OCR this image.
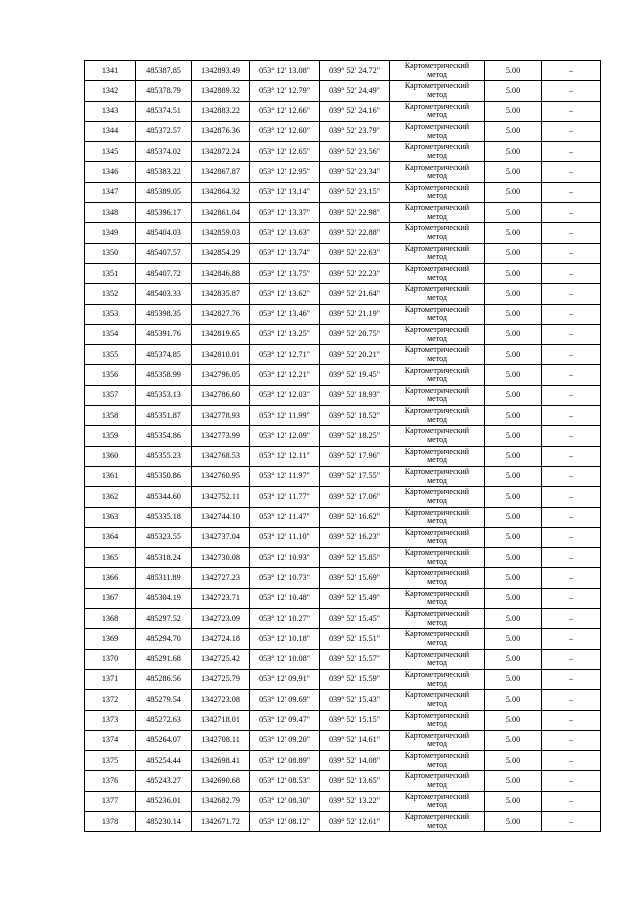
1341	485387.85	1342893.49	053° 12' 13.08"	039° 52' 24.72"	Картометрический
метод	5.00	–
1342	485378.79	1342889.32	053° 12' 12.79"	039° 52' 24.49"	Картометрический
метод	5.00	–
1343	485374.51	1342883.22	053° 12' 12.66"	039° 52' 24.16"	Картометрический
метод	5.00	–
1344	485372.57	1342876.36	053° 12' 12.60"	039° 52' 23.79"	Картометрический
метод	5.00	–
1345	485374.02	1342872.24	053° 12' 12.65"	039° 52' 23.56"	Картометрический
метод	5.00	–
1346	485383.22	1342867.87	053° 12' 12.95"	039° 52' 23.34"	Картометрический
метод	5.00	–
1347	485389.05	1342864.32	053° 12' 13.14"	039° 52' 23.15"	Картометрический
метод	5.00	–
1348	485396.17	1342861.04	053° 12' 13.37"	039° 52' 22.98"	Картометрический
метод	5.00	–
1349	485404.03	1342859.03	053° 12' 13.63"	039° 52' 22.88"	Картометрический
метод	5.00	–
1350	485407.57	1342854.29	053° 12' 13.74"	039° 52' 22.63"	Картометрический
метод	5.00	–
1351	485407.72	1342846.88	053° 12' 13.75"	039° 52' 22.23"	Картометрический
метод	5.00	–
1352	485403.33	1342835.87	053° 12' 13.62"	039° 52' 21.64"	Картометрический
метод	5.00	–
1353	485398.35	1342827.76	053° 12' 13.46"	039° 52' 21.19"	Картометрический
метод	5.00	–
1354	485391.76	1342819.65	053° 12' 13.25"	039° 52' 20.75"	Картометрический
метод	5.00	–
1355	485374.85	1342810.01	053° 12' 12.71"	039° 52' 20.21"	Картометрический
метод	5.00	–
1356	485358.99	1342796.05	053° 12' 12.21"	039° 52' 19.45"	Картометрический
метод	5.00	–
1357	485353.13	1342786.60	053° 12' 12.03"	039° 52' 18.93"	Картометрический
метод	5.00	–
1358	485351.87	1342778.93	053° 12' 11.99"	039° 52' 18.52"	Картометрический
метод	5.00	–
1359	485354.86	1342773.99	053° 12' 12.09"	039° 52' 18.25"	Картометрический
метод	5.00	–
1360	485355.23	1342768.53	053° 12' 12.11"	039° 52' 17.96"	Картометрический
метод	5.00	–
1361	485350.86	1342760.95	053° 12' 11.97"	039° 52' 17.55"	Картометрический
метод	5.00	–
1362	485344.60	1342752.11	053° 12' 11.77"	039° 52' 17.06"	Картометрический
метод	5.00	–
1363	485335.18	1342744.10	053° 12' 11.47"	039° 52' 16.62"	Картометрический
метод	5.00	–
1364	485323.55	1342737.04	053° 12' 11.10"	039° 52' 16.23"	Картометрический
метод	5.00	–
1365	485318.24	1342730.08	053° 12' 10.93"	039° 52' 15.85"	Картометрический
метод	5.00	–
1366	485311.89	1342727.23	053° 12' 10.73"	039° 52' 15.69"	Картометрический
метод	5.00	–
1367	485304.19	1342723.71	053° 12' 10.48"	039° 52' 15.49"	Картометрический
метод	5.00	–
1368	485297.52	1342723.09	053° 12' 10.27"	039° 52' 15.45"	Картометрический
метод	5.00	–
1369	485294.70	1342724.18	053° 12' 10.18"	039° 52' 15.51"	Картометрический
метод	5.00	–
1370	485291.68	1342725.42	053° 12' 10.08"	039° 52' 15.57"	Картометрический
метод	5.00	–
1371	485286.56	1342725.79	053° 12' 09.91"	039° 52' 15.59"	Картометрический
метод	5.00	–
1372	485279.54	1342723.08	053° 12' 09.69"	039° 52' 15.43"	Картометрический
метод	5.00	–
1373	485272.63	1342718.01	053° 12' 09.47"	039° 52' 15.15"	Картометрический
метод	5.00	–
1374	485264.07	1342708.11	053° 12' 09.20"	039° 52' 14.61"	Картометрический
метод	5.00	–
1375	485254.44	1342698.41	053° 12' 08.89"	039° 52' 14.08"	Картометрический
метод	5.00	–
1376	485243.27	1342690.68	053° 12' 08.53"	039° 52' 13.65"	Картометрический
метод	5.00	–
1377	485236.01	1342682.79	053° 12' 08.30"	039° 52' 13.22"	Картометрический
метод	5.00	–
1378	485230.14	1342671.72	053° 12' 08.12"	039° 52' 12.61"	Картометрический
метод	5.00	–
